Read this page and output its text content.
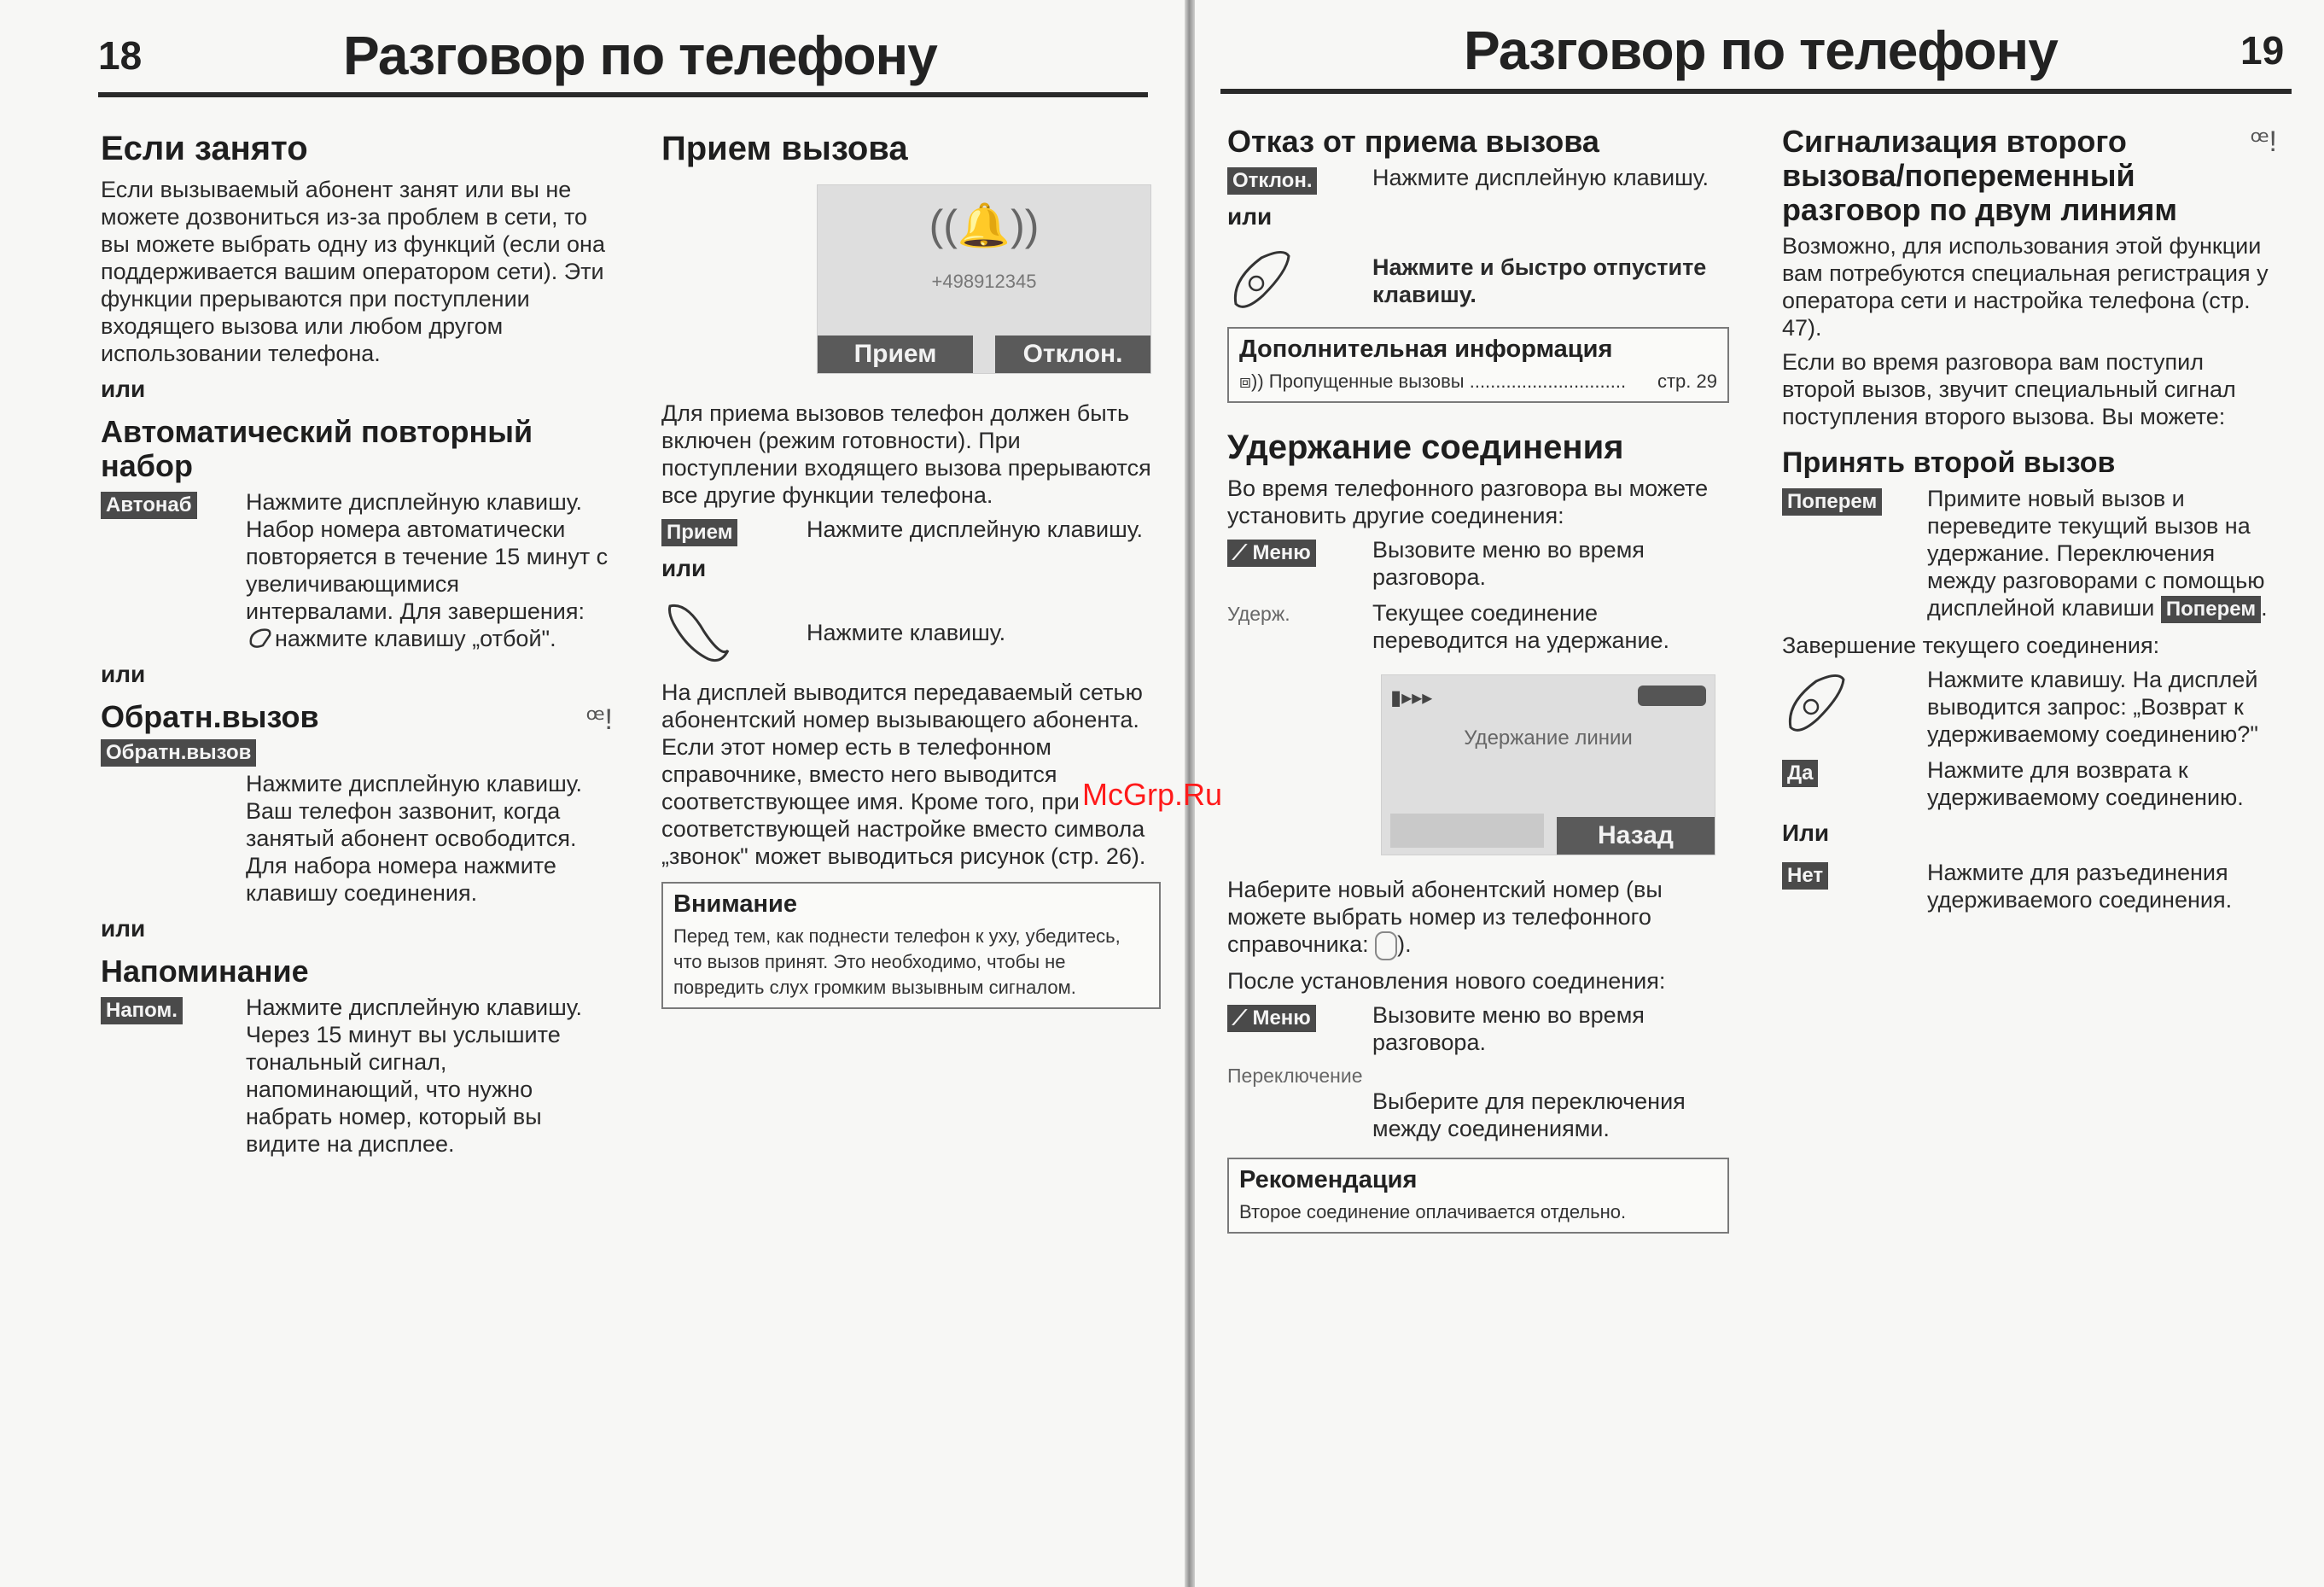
18	Разговор по телефону	Разговор по телефону	19
Если занято

Если вызываемый абонент занят или вы не можете дозвониться из-за проблем в сети, то вы можете выбрать одну из функций (если она поддерживается вашим оператором сети). Эти функции прерываются при поступлении входящего вызова или любом другом использовании телефона.

или
Автоматический повторный набор
Автонаб	Нажмите дисплейную клавишу. Набор номера автоматически повторяется в течение 15 минут с увеличивающимися интервалами. Для завершения:
нажмите клавишу „отбой".
или
Обратн.вызов	ꟹ!
Обратн.вызов
Нажмите дисплейную клавишу. Ваш телефон зазвонит, когда занятый абонент освободится. Для набора номера нажмите клавишу соединения.
или
Напоминание
Напом.	Нажмите дисплейную клавишу. Через 15 минут вы услышите тональный сигнал, напоминающий, что нужно набрать номер, который вы видите на дисплее.
Прием вызова
((🔔))
+498912345
Прием	Отклон.

Для приема вызовов телефон должен быть включен (режим готовности). При поступлении входящего вызова прерываются все другие функции телефона.

Прием	Нажмите дисплейную клавишу.
или
Нажмите клавишу.

На дисплей выводится передаваемый сетью абонентский номер вызывающего абонента. Если этот номер есть в телефонном справочнике, вместо него выводится соответствующее имя. Кроме того, при соответствующей настройке вместо символа „звонок" может выводиться рисунок (стр. 26).

Внимание
Перед тем, как поднести телефон к уху, убедитесь, что вызов принят. Это необходимо, чтобы не повредить слух громким вызывным сигналом.
Отказ от приема вызова
Отклон.	Нажмите дисплейную клавишу.
или
Нажмите и быстро отпустите клавишу.
Дополнительная информация
⧈)) Пропущенные вызовы .............................. стр. 29
Удержание соединения

Во время телефонного разговора вы можете установить другие соединения:

⟋ Меню	Вызовите меню во время разговора.
Удерж.	Текущее соединение переводится на удержание.
▮▸▸▸
Удержание линии
Назад

Наберите новый абонентский номер (вы можете выбрать номер из телефонного справочника: ).

После установления нового соединения:

⟋ Меню	Вызовите меню во время разговора.
Переключение
Выберите для переключения между соединениями.
Рекомендация
Второе соединение оплачивается отдельно.
Сигнализация второго вызова/попеременный разговор по двум линиям
ꟹ!

Возможно, для использования этой функции вам потребуются специальная регистрация у оператора сети и настройка телефона (стр. 47).

Если во время разговора вам поступил второй вызов, звучит специальный сигнал поступления второго вызова. Вы можете:

Принять второй вызов
Поперем	Примите новый вызов и переведите текущий вызов на удержание. Переключения между разговорами с помощью дисплейной клавиши Поперем .

Завершение текущего соединения:

Нажмите клавишу. На дисплей выводится запрос: „Возврат к удерживаемому соединению?"
Да	Нажмите для возврата к удерживаемому соединению.
Или
Нет	Нажмите для разъединения удерживаемого соединения.
McGrp.Ru
